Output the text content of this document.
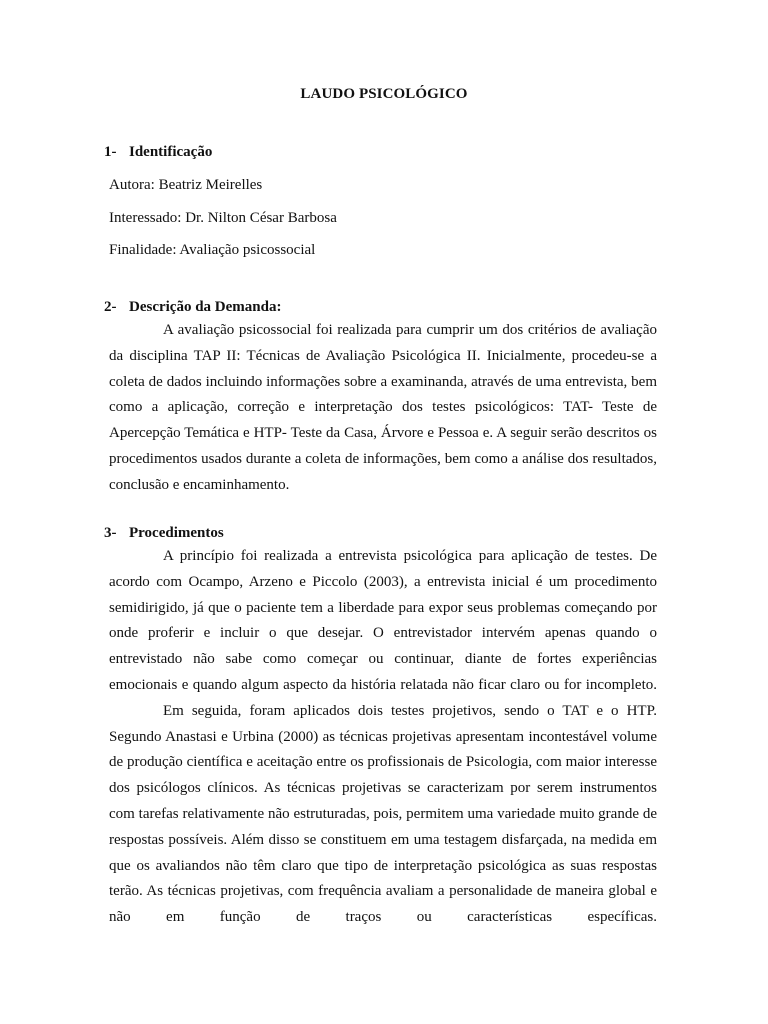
LAUDO PSICOLÓGICO
1- Identificação
Autora: Beatriz Meirelles
Interessado: Dr. Nilton César Barbosa
Finalidade: Avaliação psicossocial
2- Descrição da Demanda:

A avaliação psicossocial foi realizada para cumprir um dos critérios de avaliação da disciplina TAP II: Técnicas de Avaliação Psicológica II. Inicialmente, procedeu-se a coleta de dados incluindo informações sobre a examinanda, através de uma entrevista, bem como a aplicação, correção e interpretação dos testes psicológicos: TAT- Teste de Apercepção Temática e HTP- Teste da Casa, Árvore e Pessoa e. A seguir serão descritos os procedimentos usados durante a coleta de informações, bem como a análise dos resultados, conclusão e encaminhamento.

3- Procedimentos

A princípio foi realizada a entrevista psicológica para aplicação de testes. De acordo com Ocampo, Arzeno e Piccolo (2003), a entrevista inicial é um procedimento semidirigido, já que o paciente tem a liberdade para expor seus problemas começando por onde proferir e incluir o que desejar. O entrevistador intervém apenas quando o entrevistado não sabe como começar ou continuar, diante de fortes experiências emocionais e quando algum aspecto da história relatada não ficar claro ou for incompleto.

Em seguida, foram aplicados dois testes projetivos, sendo o TAT e o HTP. Segundo Anastasi e Urbina (2000) as técnicas projetivas apresentam incontestável volume de produção científica e aceitação entre os profissionais de Psicologia, com maior interesse dos psicólogos clínicos. As técnicas projetivas se caracterizam por serem instrumentos com tarefas relativamente não estruturadas, pois, permitem uma variedade muito grande de respostas possíveis. Além disso se constituem em uma testagem disfarçada, na medida em que os avaliandos não têm claro que tipo de interpretação psicológica as suas respostas terão. As técnicas projetivas, com frequência avaliam a personalidade de maneira global e não em função de traços ou características específicas.
